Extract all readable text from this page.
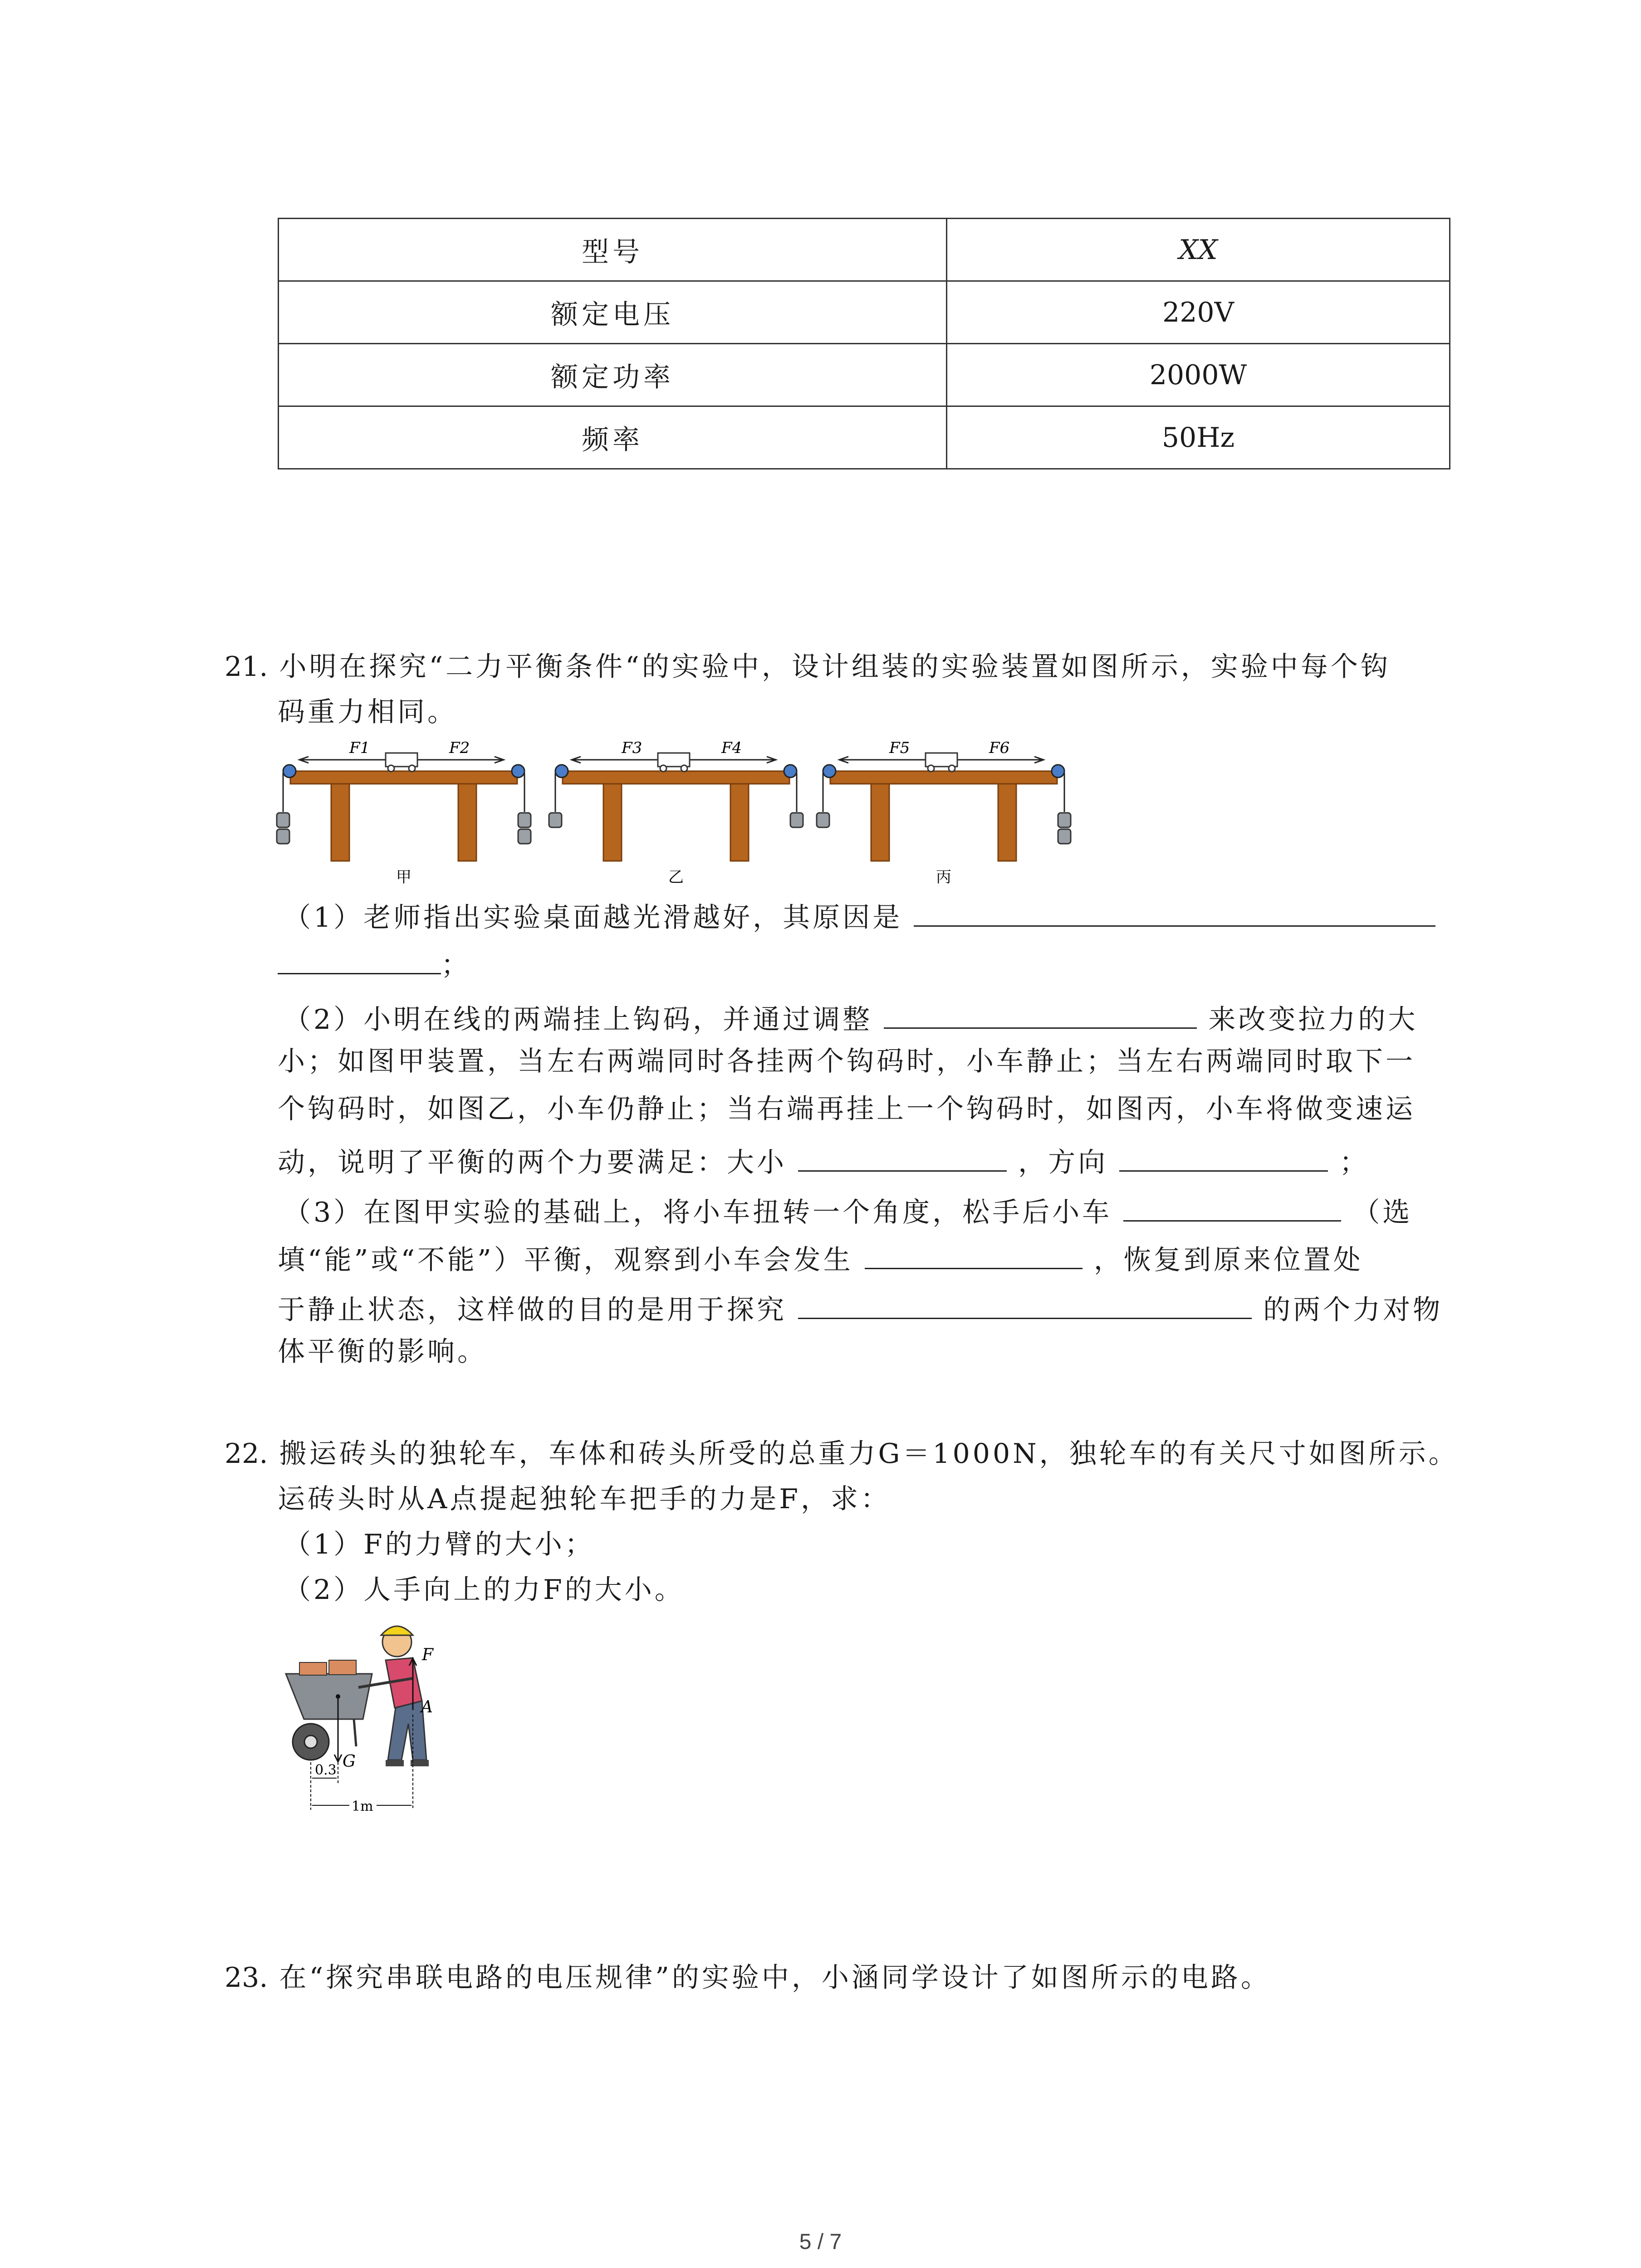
型号	XX
额定电压	220V
额定功率	2000W
频率	50Hz
21. 小明在探究“二力平衡条件“的实验中，设计组装的实验装置如图所示，实验中每个钩
码重力相同。
F1	F2
甲
F3	F4
乙
F5	F6
丙
（1）老师指出实验桌面越光滑越好，其原因是
；
（2）小明在线的两端挂上钩码，并通过调整	来改变拉力的大
小；如图甲装置，当左右两端同时各挂两个钩码时，小车静止；当左右两端同时取下一
个钩码时，如图乙，小车仍静止；当右端再挂上一个钩码时，如图丙，小车将做变速运
动，说明了平衡的两个力要满足：大小	，方向	；
（3）在图甲实验的基础上，将小车扭转一个角度，松手后小车	（选
填“能”或“不能”）平衡，观察到小车会发生	，恢复到原来位置处
于静止状态，这样做的目的是用于探究	的两个力对物
体平衡的影响。
22. 搬运砖头的独轮车，车体和砖头所受的总重力G＝1000N，独轮车的有关尺寸如图所示。
运砖头时从A点提起独轮车把手的力是F，求：
（1）F的力臂的大小；
（2）人手向上的力F的大小。
F
A
G
0.3
1m
23. 在“探究串联电路的电压规律”的实验中，小涵同学设计了如图所示的电路。
5 / 7
